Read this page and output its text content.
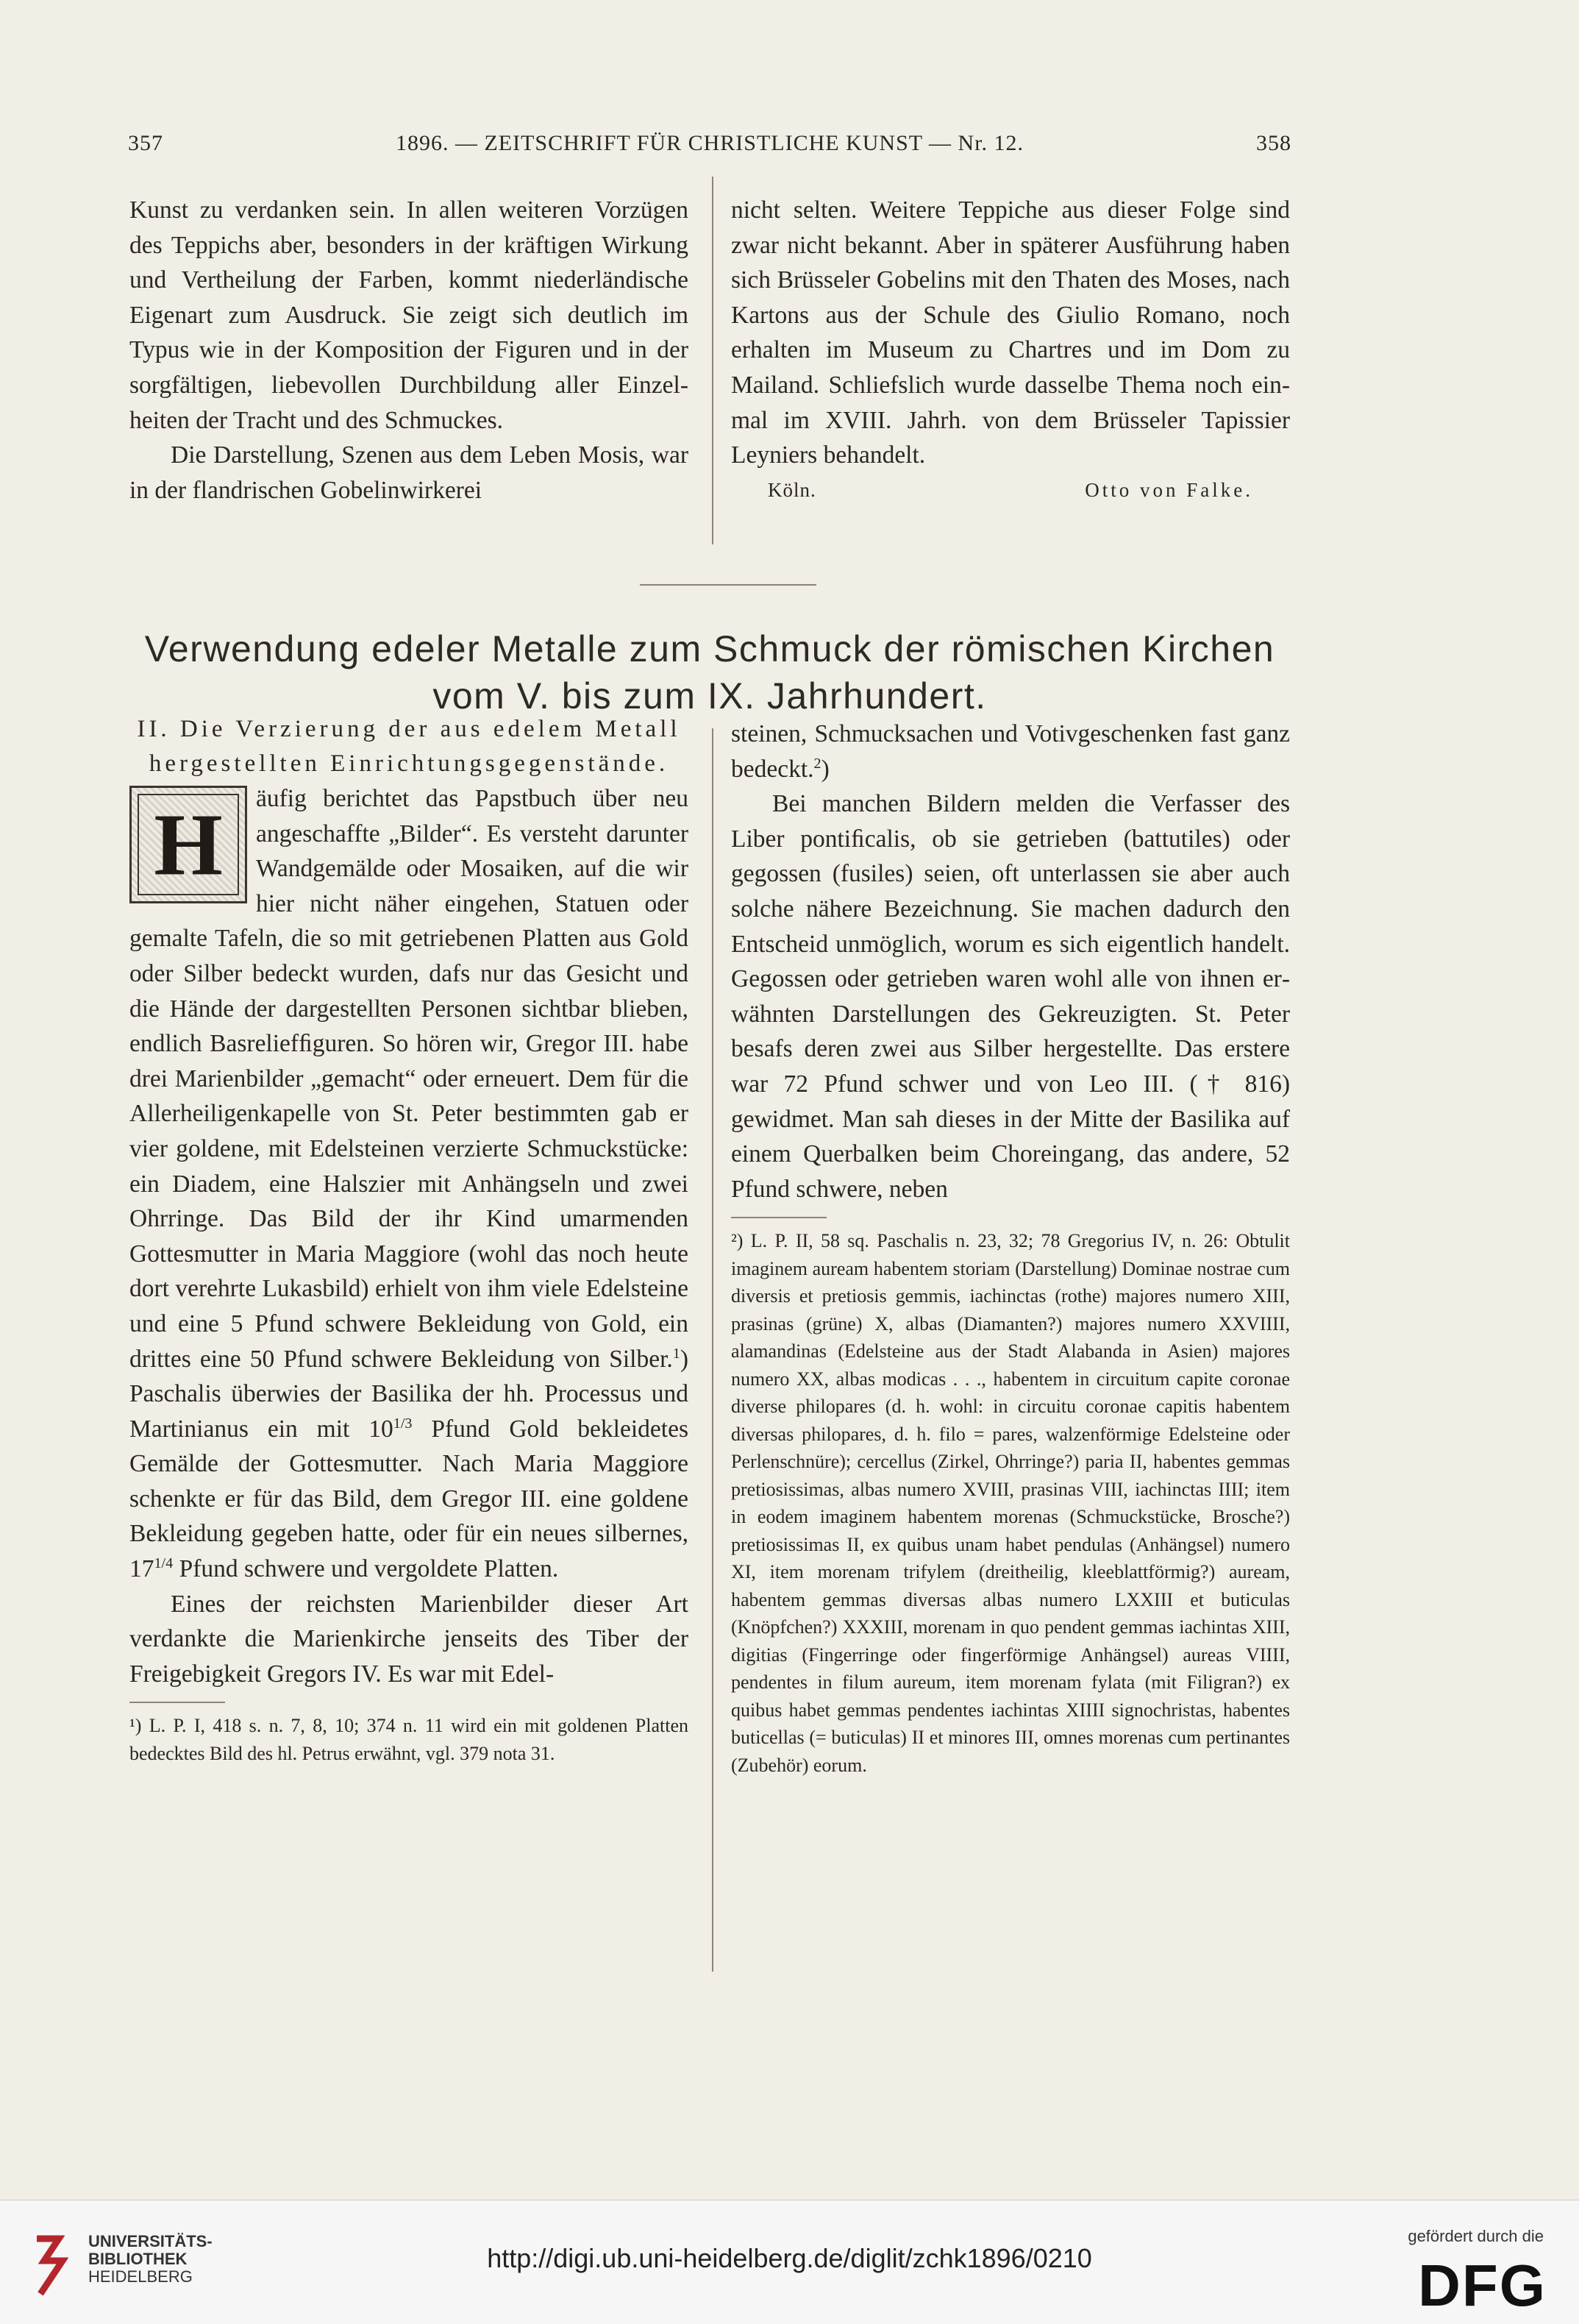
357	1896. — ZEITSCHRIFT FÜR CHRISTLICHE KUNST — Nr. 12.	358

Kunst zu verdanken sein. In allen weiteren Vorzügen des Teppichs aber, besonders in der kräftigen Wirkung und Vertheilung der Farben, kommt niederländische Eigenart zum Ausdruck. Sie zeigt sich deutlich im Typus wie in der Komposition der Figuren und in der sorgfältigen, liebevollen Durchbildung aller Einzelheiten der Tracht und des Schmuckes.

Die Darstellung, Szenen aus dem Leben Mosis, war in der flandrischen Gobelinwirkerei

nicht selten. Weitere Teppiche aus dieser Folge sind zwar nicht bekannt. Aber in späterer Ausführung haben sich Brüsseler Gobelins mit den Thaten des Moses, nach Kartons aus der Schule des Giulio Romano, noch erhalten im Museum zu Chartres und im Dom zu Mailand. Schliefslich wurde dasselbe Thema noch einmal im XVIII. Jahrh. von dem Brüsseler Tapissier Leyniers behandelt.

Köln.	Otto von Falke.
Verwendung edeler Metalle zum Schmuck der römischen Kirchen
vom V. bis zum IX. Jahrhundert.
II. Die Verzierung der aus edelem Metall hergestellten Einrichtungsgegenstände.
H	äufig berichtet das Papstbuch über neu angeschaffte „Bilder“. Es versteht darunter Wandgemälde oder Mosaiken, auf die wir hier nicht näher eingehen, Statuen oder gemalte Tafeln, die so mit getriebenen Platten aus Gold oder Silber bedeckt wurden, dafs nur das Gesicht und die Hände der dargestellten Personen sichtbar blieben, endlich Basreliefﬁguren. So hören wir, Gregor III. habe drei Marienbilder „gemacht“ oder erneuert. Dem für die Allerheiligenkapelle von St. Peter bestimmten gab er vier goldene, mit Edelsteinen verzierte Schmuckstücke: ein Diadem, eine Halszier mit Anhängseln und zwei Ohrringe. Das Bild der ihr Kind umarmenden Gottesmutter in Maria Maggiore (wohl das noch heute dort verehrte Lukasbild) erhielt von ihm viele Edelsteine und eine 5 Pfund schwere Bekleidung von Gold, ein drittes eine 50 Pfund schwere Bekleidung von Silber.$^1$) Paschalis überwies der Basilika der hh. Processus und Martinianus ein mit $10^{1/3}$ Pfund Gold bekleidetes Gemälde der Gottesmutter. Nach Maria Maggiore schenkte er für das Bild, dem Gregor III. eine goldene Bekleidung gegeben hatte, oder für ein neues silbernes, $17^{1/4}$ Pfund schwere und vergoldete Platten.

Eines der reichsten Marienbilder dieser Art verdankte die Marienkirche jenseits des Tiber der Freigebigkeit Gregors IV. Es war mit Edel-

¹) L. P. I, 418 s. n. 7, 8, 10; 374 n. 11 wird ein mit goldenen Platten bedecktes Bild des hl. Petrus erwähnt, vgl. 379 nota 31.

steinen, Schmucksachen und Votivgeschenken fast ganz bedeckt.$^2$)

Bei manchen Bildern melden die Verfasser des Liber pontiﬁcalis, ob sie getrieben (battutiles) oder gegossen (fusiles) seien, oft unterlassen sie aber auch solche nähere Bezeichnung. Sie machen dadurch den Entscheid unmöglich, worum es sich eigentlich handelt. Gegossen oder getrieben waren wohl alle von ihnen erwähnten Darstellungen des Gekreuzigten. St. Peter besafs deren zwei aus Silber hergestellte. Das erstere war 72 Pfund schwer und von Leo III. († 816) gewidmet. Man sah dieses in der Mitte der Basilika auf einem Querbalken beim Choreingang, das andere, 52 Pfund schwere, neben

²) L. P. II, 58 sq. Paschalis n. 23, 32; 78 Gregorius IV, n. 26: Obtulit imaginem auream habentem storiam (Darstellung) Dominae nostrae cum diversis et pretiosis gemmis, iachinctas (rothe) majores numero XIII, prasinas (grüne) X, albas (Diamanten?) majores numero XXVIIII, alamandinas (Edelsteine aus der Stadt Alabanda in Asien) majores numero XX, albas modicas . . ., habentem in circuitum capite coronae diverse philopares (d. h. wohl: in circuitu coronae capitis habentem diversas philopares, d. h. filo = pares, walzenförmige Edelsteine oder Perlenschnüre); cercellus (Zirkel, Ohrringe?) paria II, habentes gemmas pretiosissimas, albas numero XVIII, prasinas VIII, iachinctas IIII; item in eodem imaginem habentem morenas (Schmuckstücke, Brosche?) pretiosissimas II, ex quibus unam habet pendulas (Anhängsel) numero XI, item morenam trifylem (dreitheilig, kleeblattförmig?) auream, habentem gemmas diversas albas numero LXXIII et buticulas (Knöpfchen?) XXXIII, morenam in quo pendent gemmas iachintas XIII, digitias (Fingerringe oder fingerförmige Anhängsel) aureas VIIII, pendentes in filum aureum, item morenam fylata (mit Filigran?) ex quibus habet gemmas pendentes iachintas XIIII signochristas, habentes buticellas (= buticulas) II et minores III, omnes morenas cum pertinantes (Zubehör) eorum.

UNIVERSITÄTS-
BIBLIOTHEK
HEIDELBERG
http://digi.ub.uni-heidelberg.de/diglit/zchk1896/0210
gefördert durch die
DFG
